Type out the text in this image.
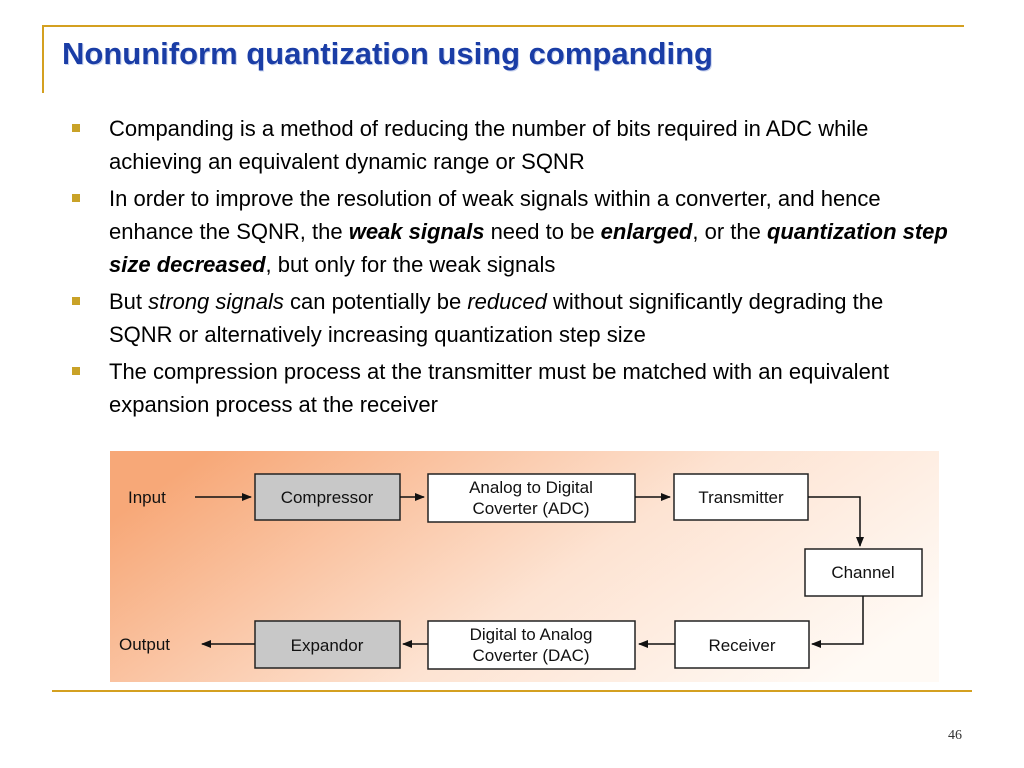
Nonuniform quantization using companding
Companding is a method of reducing the number of bits required in ADC while achieving an equivalent dynamic range or SQNR
In order to improve the resolution of weak signals within a converter, and hence enhance the SQNR, the weak signals need to be enlarged, or the quantization step size decreased, but only for the weak signals
But strong signals can potentially be reduced without significantly degrading the SQNR or alternatively increasing quantization step size
The compression process at the transmitter must be matched with an equivalent expansion process at the receiver
Input	Compressor
Analog to Digital
Coverter (ADC)
Transmitter
Channel
Receiver
Digital to Analog
Coverter (DAC)
Expandor
Output
46
